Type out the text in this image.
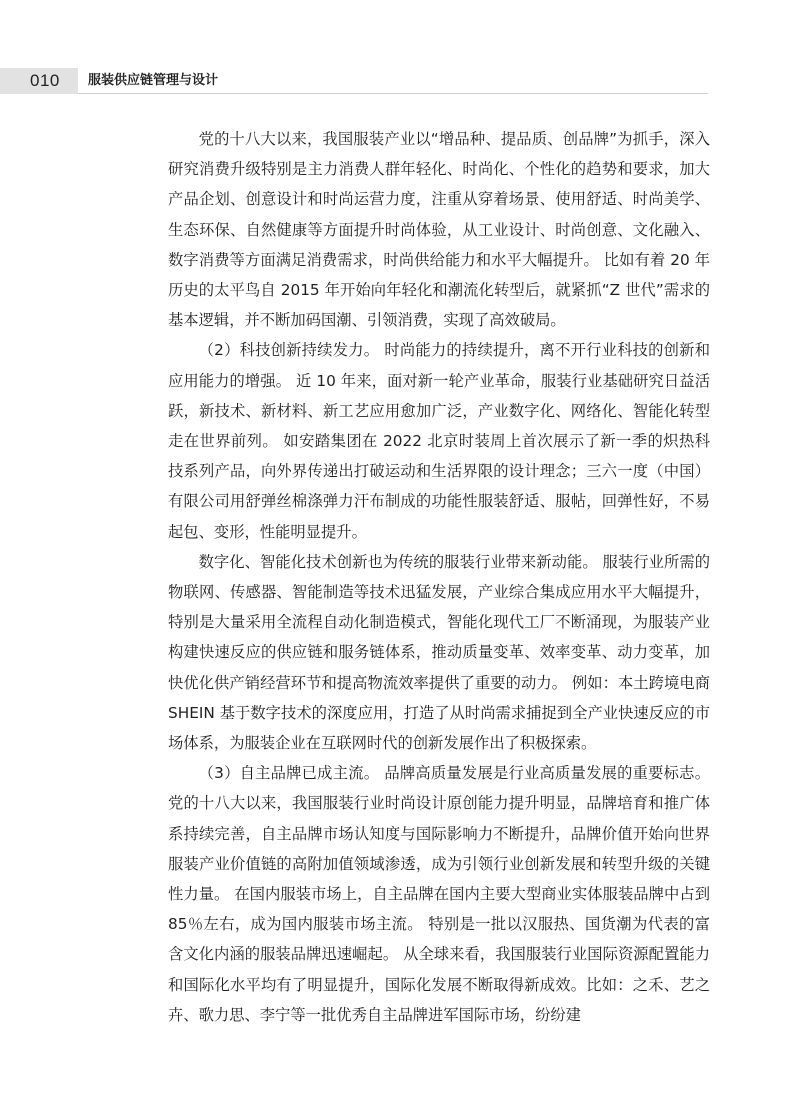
010 服装供应链管理与设计

党的十八大以来，我国服装产业以“增品种、提品质、创品牌”为抓手，深入研究消费升级特别是主力消费人群年轻化、时尚化、个性化的趋势和要求，加大产品企划、创意设计和时尚运营力度，注重从穿着场景、使用舒适、时尚美学、生态环保、自然健康等方面提升时尚体验，从工业设计、时尚创意、文化融入、数字消费等方面满足消费需求，时尚供给能力和水平大幅提升。 比如有着 20 年历史的太平鸟自 2015 年开始向年轻化和潮流化转型后，就紧抓“Z 世代”需求的基本逻辑，并不断加码国潮、引领消费，实现了高效破局。

（2）科技创新持续发力。 时尚能力的持续提升，离不开行业科技的创新和应用能力的增强。 近 10 年来，面对新一轮产业革命，服装行业基础研究日益活跃，新技术、新材料、新工艺应用愈加广泛，产业数字化、网络化、智能化转型走在世界前列。 如安踏集团在 2022 北京时装周上首次展示了新一季的炽热科技系列产品，向外界传递出打破运动和生活界限的设计理念；三六一度（中国）有限公司用舒弹丝棉涤弹力汗布制成的功能性服装舒适、服帖，回弹性好，不易起包、变形，性能明显提升。

数字化、智能化技术创新也为传统的服装行业带来新动能。 服装行业所需的物联网、传感器、智能制造等技术迅猛发展，产业综合集成应用水平大幅提升，特别是大量采用全流程自动化制造模式，智能化现代工厂不断涌现，为服装产业构建快速反应的供应链和服务链体系，推动质量变革、效率变革、动力变革，加快优化供产销经营环节和提高物流效率提供了重要的动力。 例如：本土跨境电商 SHEIN 基于数字技术的深度应用，打造了从时尚需求捕捉到全产业快速反应的市场体系，为服装企业在互联网时代的创新发展作出了积极探索。

（3）自主品牌已成主流。 品牌高质量发展是行业高质量发展的重要标志。 党的十八大以来，我国服装行业时尚设计原创能力提升明显，品牌培育和推广体系持续完善，自主品牌市场认知度与国际影响力不断提升，品牌价值开始向世界服装产业价值链的高附加值领域渗透，成为引领行业创新发展和转型升级的关键性力量。 在国内服装市场上，自主品牌在国内主要大型商业实体服装品牌中占到 85％左右，成为国内服装市场主流。 特别是一批以汉服热、国货潮为代表的富含文化内涵的服装品牌迅速崛起。 从全球来看，我国服装行业国际资源配置能力和国际化水平均有了明显提升，国际化发展不断取得新成效。比如：之禾、艺之卉、歌力思、李宁等一批优秀自主品牌进军国际市场，纷纷建
